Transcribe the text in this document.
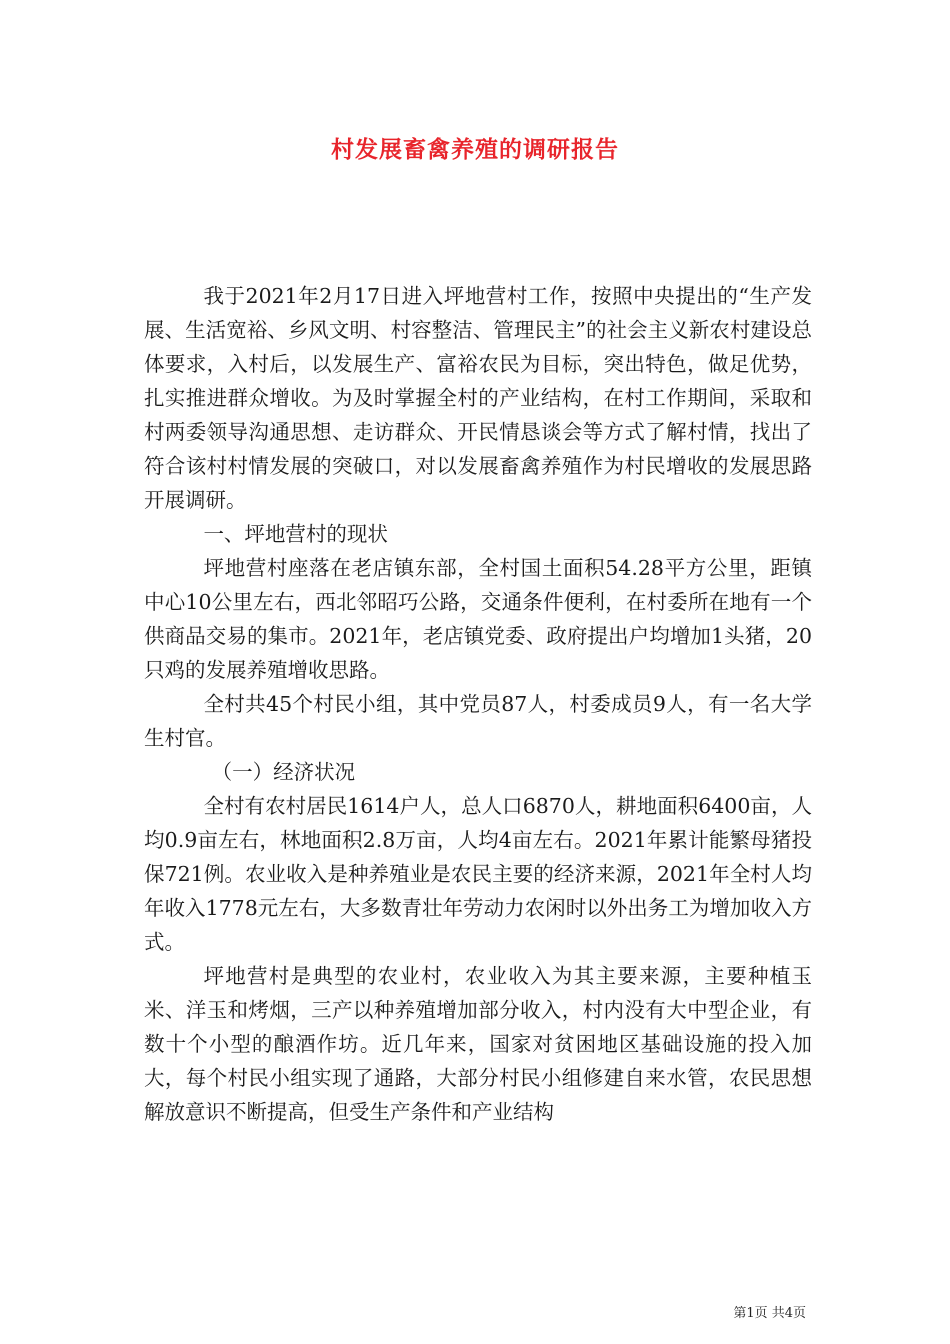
村发展畜禽养殖的调研报告

我于2021年2月17日进入坪地营村工作，按照中央提出的“生产发展、生活宽裕、乡风文明、村容整洁、管理民主”的社会主义新农村建设总体要求，入村后，以发展生产、富裕农民为目标，突出特色，做足优势，扎实推进群众增收。为及时掌握全村的产业结构，在村工作期间，采取和村两委领导沟通思想、走访群众、开民情恳谈会等方式了解村情，找出了符合该村村情发展的突破口，对以发展畜禽养殖作为村民增收的发展思路开展调研。

一、坪地营村的现状

坪地营村座落在老店镇东部，全村国土面积54.28平方公里，距镇中心10公里左右，西北邻昭巧公路，交通条件便利，在村委所在地有一个供商品交易的集市。2021年，老店镇党委、政府提出户均增加1头猪，20只鸡的发展养殖增收思路。

全村共45个村民小组，其中党员87人，村委成员9人，有一名大学生村官。

（一）经济状况

全村有农村居民1614户人，总人口6870人，耕地面积6400亩，人均0.9亩左右，林地面积2.8万亩，人均4亩左右。2021年累计能繁母猪投保721例。农业收入是种养殖业是农民主要的经济来源，2021年全村人均年收入1778元左右，大多数青壮年劳动力农闲时以外出务工为增加收入方式。

坪地营村是典型的农业村，农业收入为其主要来源，主要种植玉米、洋玉和烤烟，三产以种养殖增加部分收入，村内没有大中型企业，有数十个小型的酿酒作坊。近几年来，国家对贫困地区基础设施的投入加大，每个村民小组实现了通路，大部分村民小组修建自来水管，农民思想解放意识不断提高，但受生产条件和产业结构

第1页 共4页
